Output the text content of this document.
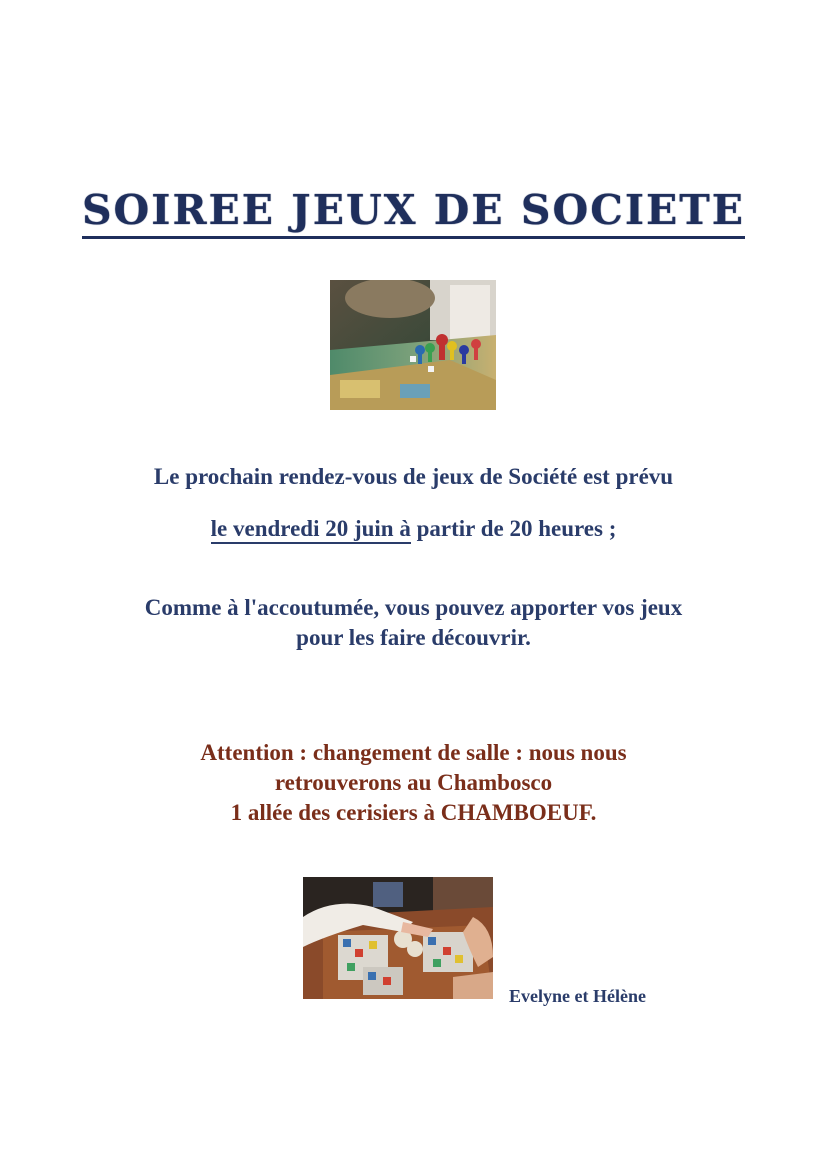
SOIREE JEUX DE SOCIETE
Le prochain rendez-vous de jeux de Société est prévu
le vendredi 20 juin à partir de 20 heures ;
Comme à l'accoutumée, vous pouvez apporter vos jeux
pour les faire découvrir.
Attention : changement de salle : nous nous
retrouverons au Chambosco
1 allée des cerisiers à CHAMBOEUF.
Evelyne et Hélène
